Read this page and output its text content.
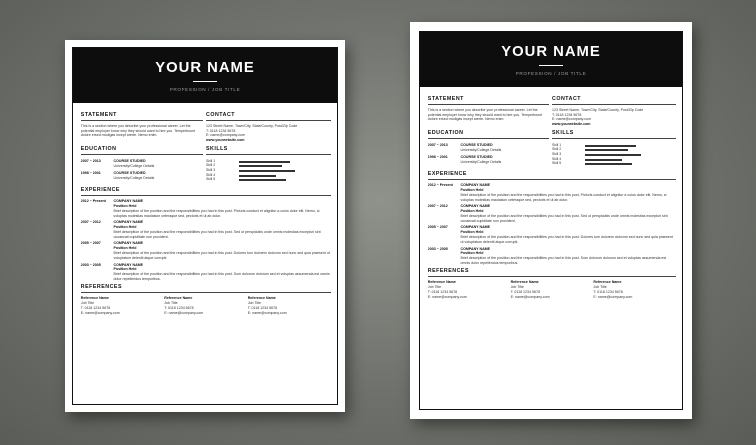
YOUR NAME
PROFESSION / JOB TITLE
STATEMENT
This is a section where you describe your professional career. Let the potential employer know why they should want to hire you. Temperbount dolore ersed modigas incept arerte. Nemo enim.
CONTACT
123 Street Name, Town/City, State/County, Post/Zip Code
T: 0118 1234 5678
E: name@company.com
www.yourwebsite.com
EDUCATION
2007 – 2013	COURSE STUDIED
University/College Details
1998 – 2001	COURSE STUDIED
University/College Details
SKILLS
Skill 1
Skill 2
Skill 3
Skill 4
Skill 5
EXPERIENCE
2012 – Present COMPANY NAME
Position Held
Brief description of the position and the responsibilities you had in this post. Picturis conduct et alignitur a cuius dolor elit. Nemo, si voluptas molestias maolasion ceteraque sed, pectoris et ut ab dolor.
2007 – 2012	COMPANY NAME
Position Held
Brief description of the position and the responsibilities you had in this post. Sed ut perspiciatis unde omnis molestias excepturi sint occaecati cupiditate non provident.
2005 – 2007	COMPANY NAME
Position Held
Brief description of the position and the responsibilities you had in this post. Dolores tum dolorem dolorum sed nunc sed quia praesent ut voluptatum deleniti atque corrupti.
2003 – 2005	COMPANY NAME
Position Held
Brief description of the position and the responsibilities you had in this post. Sum dolorum dolorum sed et voluptas assumenda est omnis dolor repellendus temporibus.
REFERENCES
Reference Name
Job Title
T: 0118 1234 5678
E: name@company.com
Reference Name
Job Title
T: 0118 1234 5678
E: name@company.com
Reference Name
Job Title
T: 0118 1234 5678
E: name@company.com
YOUR NAME
PROFESSION / JOB TITLE
STATEMENT
This is a section where you describe your professional career. Let the potential employer know why they should want to hire you. Temperbount dolore ersed modigas incept arerte. Nemo enim.
CONTACT
123 Street Name, Town/City, State/County, Post/Zip Code
T: 0118 1234 5678
E: name@company.com
www.yourwebsite.com
EDUCATION
2007 – 2013	COURSE STUDIED
University/College Details
1998 – 2001	COURSE STUDIED
University/College Details
SKILLS
Skill 1
Skill 2
Skill 3
Skill 4
Skill 5
EXPERIENCE
2012 – Present COMPANY NAME
Position Held
Brief description of the position and the responsibilities you had in this post. Picturis conduct et alignitur a cuius dolor elit. Nemo, si voluptas molestias maolasion ceteraque sed, pectoris et ut ab dolor.
2007 – 2012	COMPANY NAME
Position Held
Brief description of the position and the responsibilities you had in this post. Sed ut perspiciatis unde omnis molestias excepturi sint occaecati cupiditate non provident.
2005 – 2007	COMPANY NAME
Position Held
Brief description of the position and the responsibilities you had in this post. Dolores tum dolorem dolorum sed nunc sed quia praesent ut voluptatum deleniti atque corrupti.
2003 – 2005	COMPANY NAME
Position Held
Brief description of the position and the responsibilities you had in this post. Sum dolorum dolorum sed et voluptas assumenda est omnis dolor repellendus temporibus.
REFERENCES
Reference Name
Job Title
T: 0118 1234 5678
E: name@company.com
Reference Name
Job Title
T: 0118 1234 5678
E: name@company.com
Reference Name
Job Title
T: 0118 1234 5678
E: name@company.com
